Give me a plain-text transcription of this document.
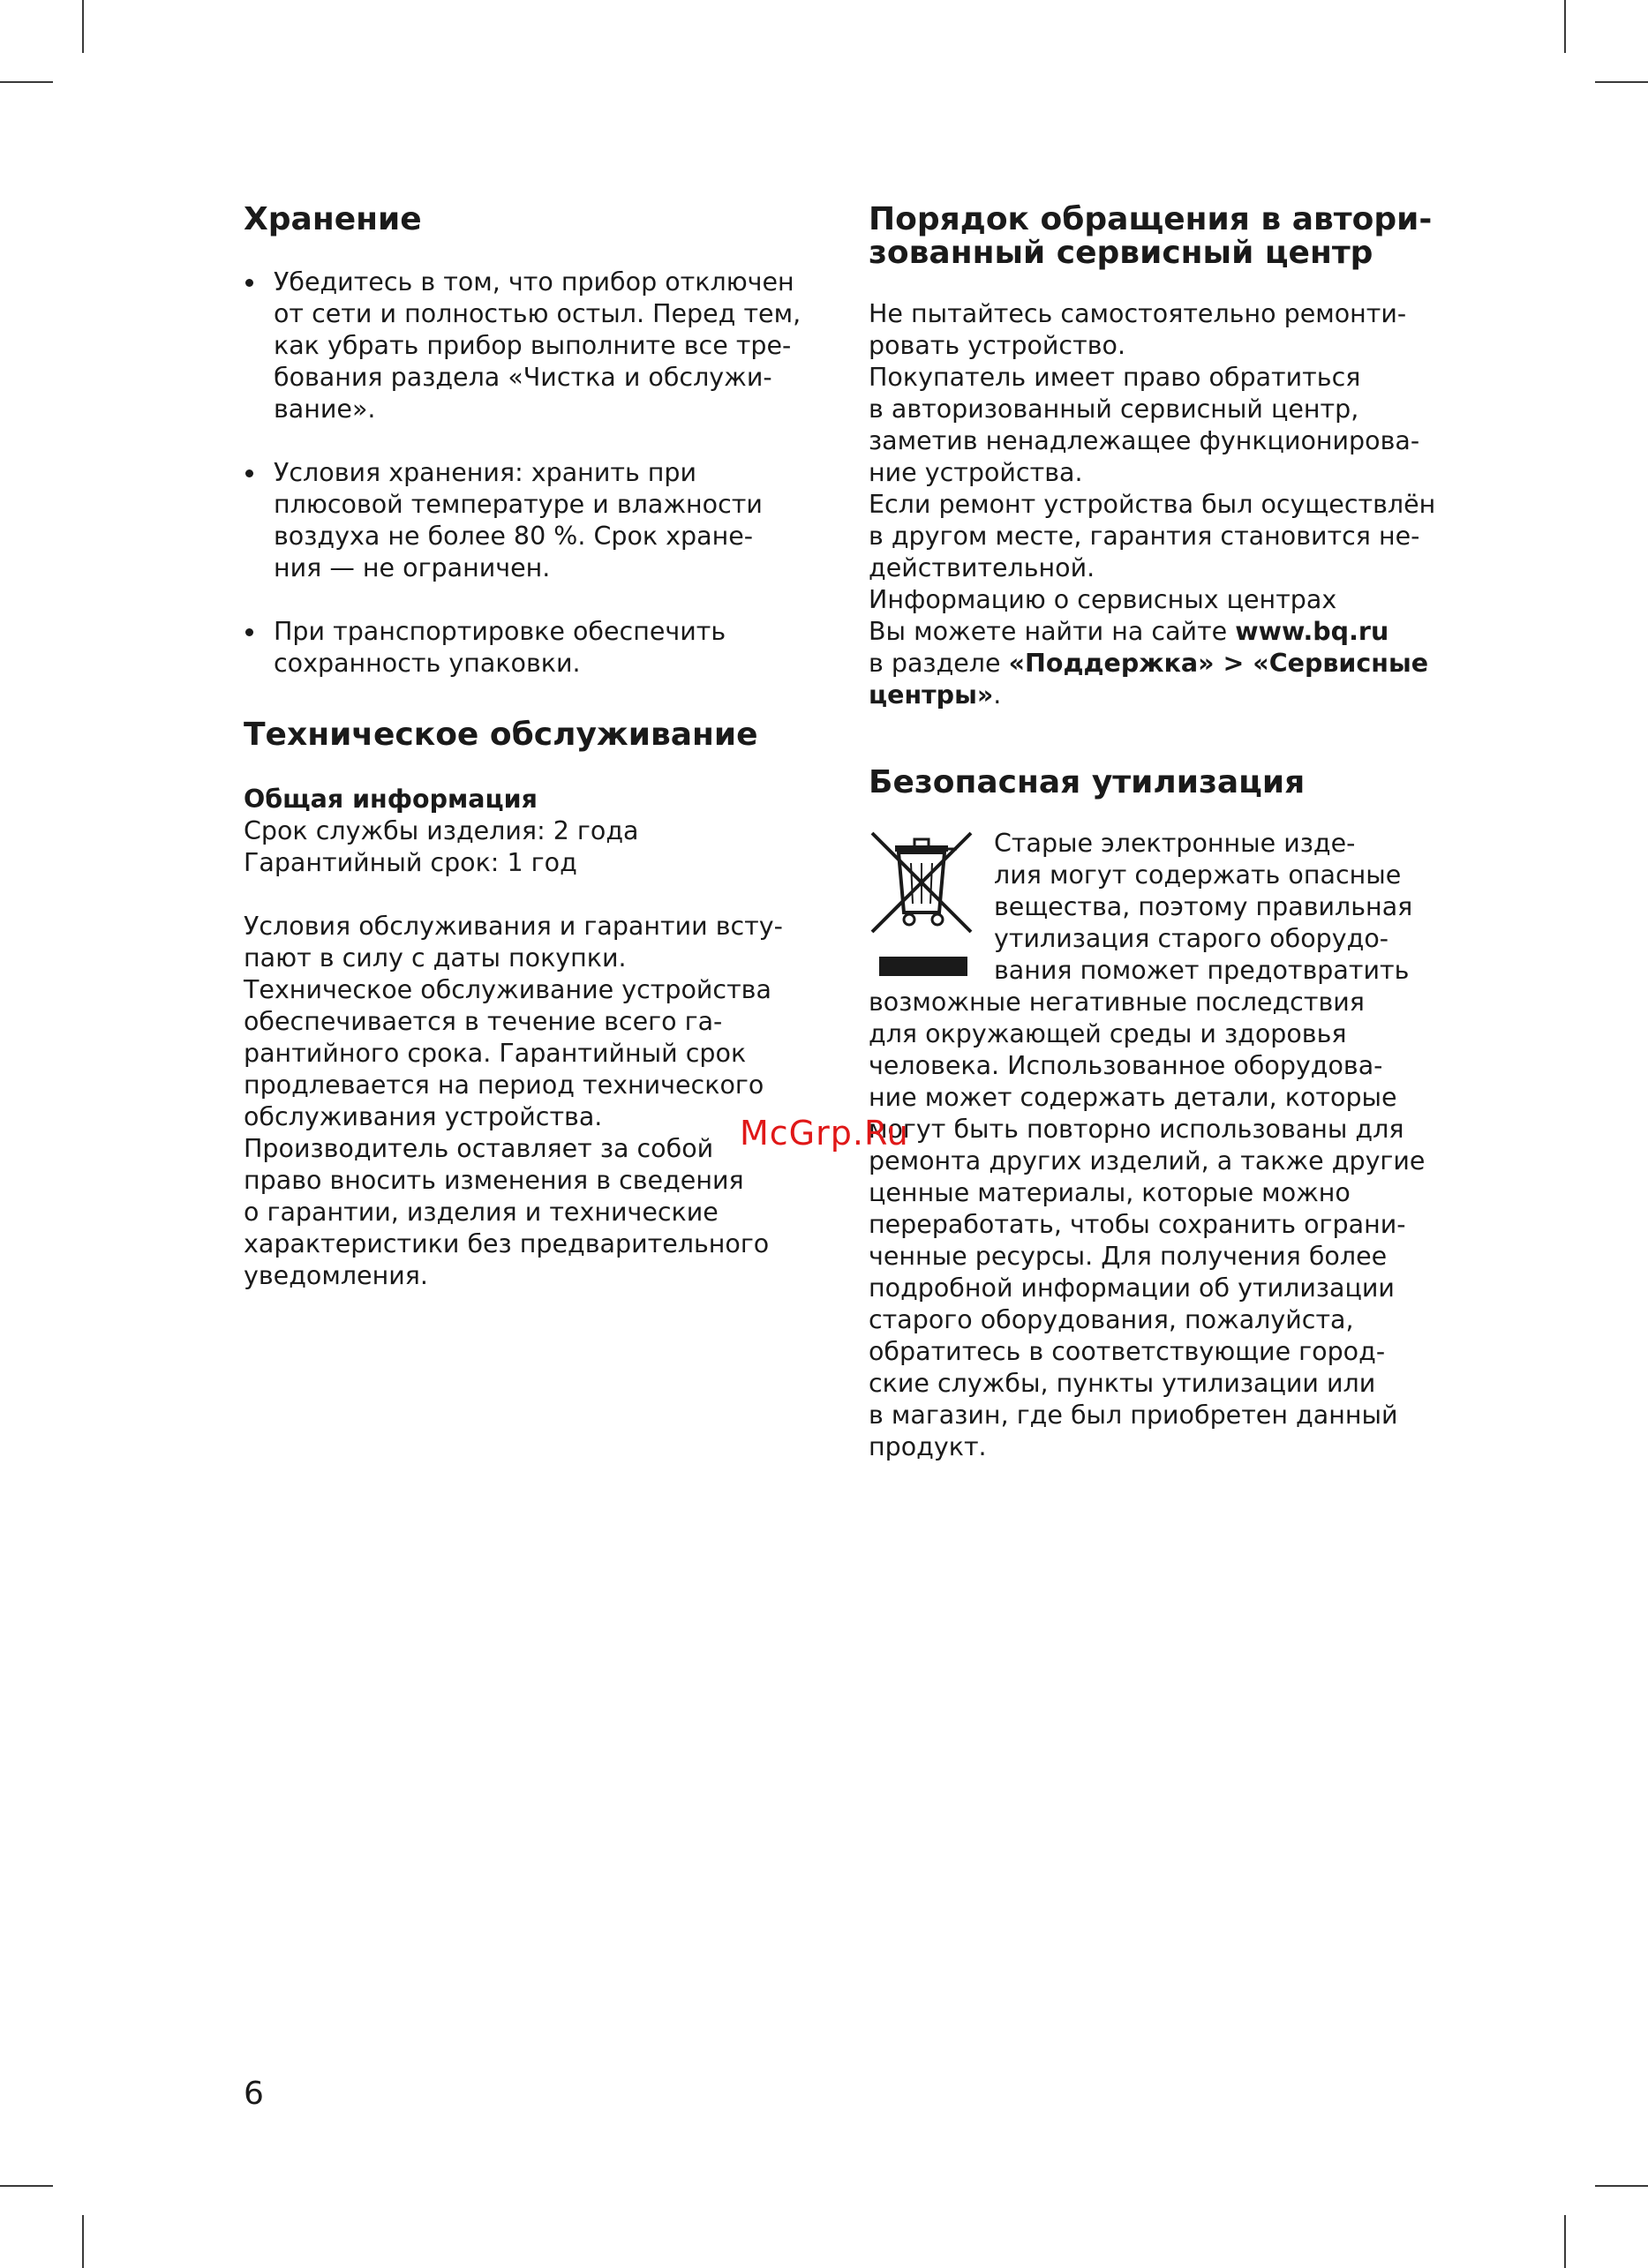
Хранение
Убедитесь в том, что прибор отключен
от сети и полностью остыл. Перед тем,
как убрать прибор выполните все тре-
бования раздела «Чистка и обслужи-
вание».
Условия хранения: хранить при
плюсовой температуре и влажности
воздуха не более 80 %. Срок хране-
ния — не ограничен.
При транспортировке обеспечить
сохранность упаковки.
Техническое обслуживание
Общая информация
Срок службы изделия: 2 года
Гарантийный срок: 1 год
Условия обслуживания и гарантии всту-
пают в силу с даты покупки.
Техническое обслуживание устройства
обеспечивается в течение всего га-
рантийного срока. Гарантийный срок
продлевается на период технического
обслуживания устройства.
Производитель оставляет за собой
право вносить изменения в сведения
о гарантии, изделия и технические
характеристики без предварительного
уведомления.
Порядок обращения в автори-
зованный сервисный центр
Не пытайтесь самостоятельно ремонти-
ровать устройство.
Покупатель имеет право обратиться
в авторизованный сервисный центр,
заметив ненадлежащее функционирова-
ние устройства.
Если ремонт устройства был осуществлён
в другом месте, гарантия становится не-
действительной.
Информацию о сервисных центрах
Вы можете найти на сайте www.bq.ru
в разделе «Поддержка» > «Сервисные
центры».
Безопасная утилизация
Старые электронные изде-
лия могут содержать опасные
вещества, поэтому правильная
утилизация старого оборудо-
вания поможет предотвратить
возможные негативные последствия
для окружающей среды и здоровья
человека. Использованное оборудова-
ние может содержать детали, которые
могут быть повторно использованы для
ремонта других изделий, а также другие
ценные материалы, которые можно
переработать, чтобы сохранить ограни-
ченные ресурсы. Для получения более
подробной информации об утилизации
старого оборудования, пожалуйста,
обратитесь в соответствующие город-
ские службы, пункты утилизации или
в магазин, где был приобретен данный
продукт.
McGrp.Ru
6
